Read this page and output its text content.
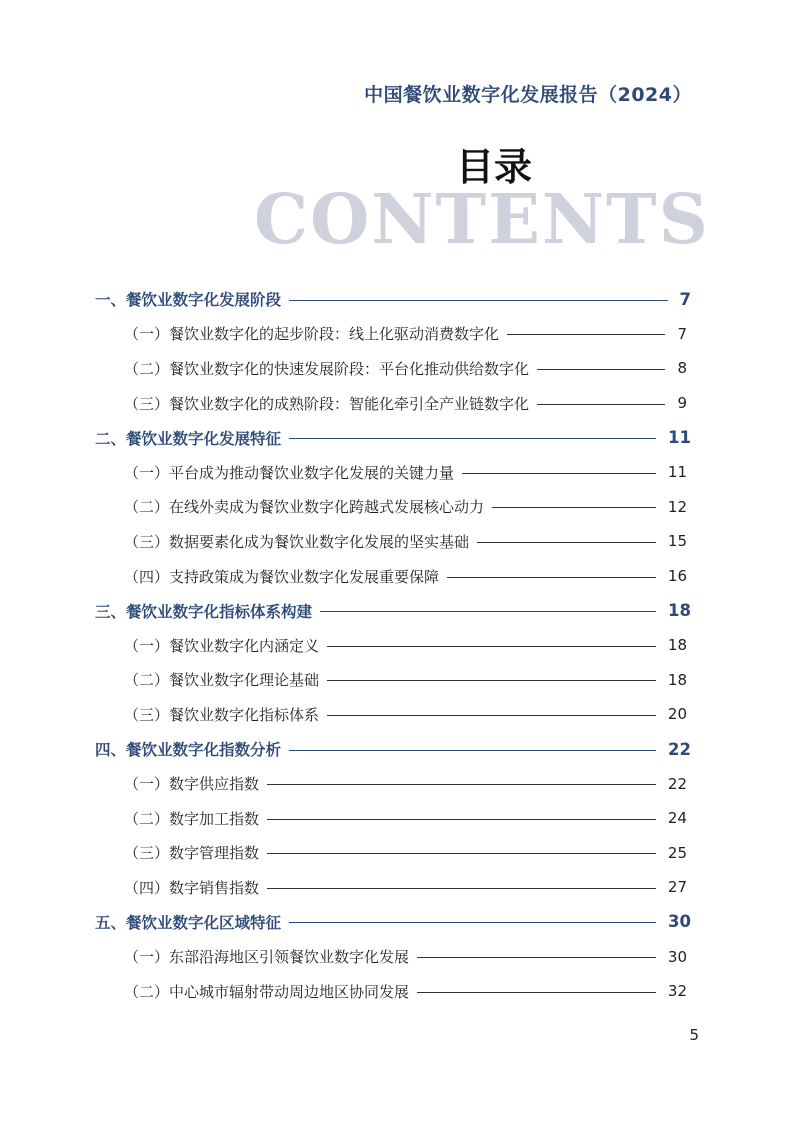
中国餐饮业数字化发展报告（2024）
CONTENTS
目录
一、餐饮业数字化发展阶段	7
（一）餐饮业数字化的起步阶段：线上化驱动消费数字化	7
（二）餐饮业数字化的快速发展阶段：平台化推动供给数字化	8
（三）餐饮业数字化的成熟阶段：智能化牵引全产业链数字化	9
二、餐饮业数字化发展特征	11
（一）平台成为推动餐饮业数字化发展的关键力量	11
（二）在线外卖成为餐饮业数字化跨越式发展核心动力	12
（三）数据要素化成为餐饮业数字化发展的坚实基础	15
（四）支持政策成为餐饮业数字化发展重要保障	16
三、餐饮业数字化指标体系构建	18
（一）餐饮业数字化内涵定义	18
（二）餐饮业数字化理论基础	18
（三）餐饮业数字化指标体系	20
四、餐饮业数字化指数分析	22
（一）数字供应指数	22
（二）数字加工指数	24
（三）数字管理指数	25
（四）数字销售指数	27
五、餐饮业数字化区域特征	30
（一）东部沿海地区引领餐饮业数字化发展	30
（二）中心城市辐射带动周边地区协同发展	32
5
